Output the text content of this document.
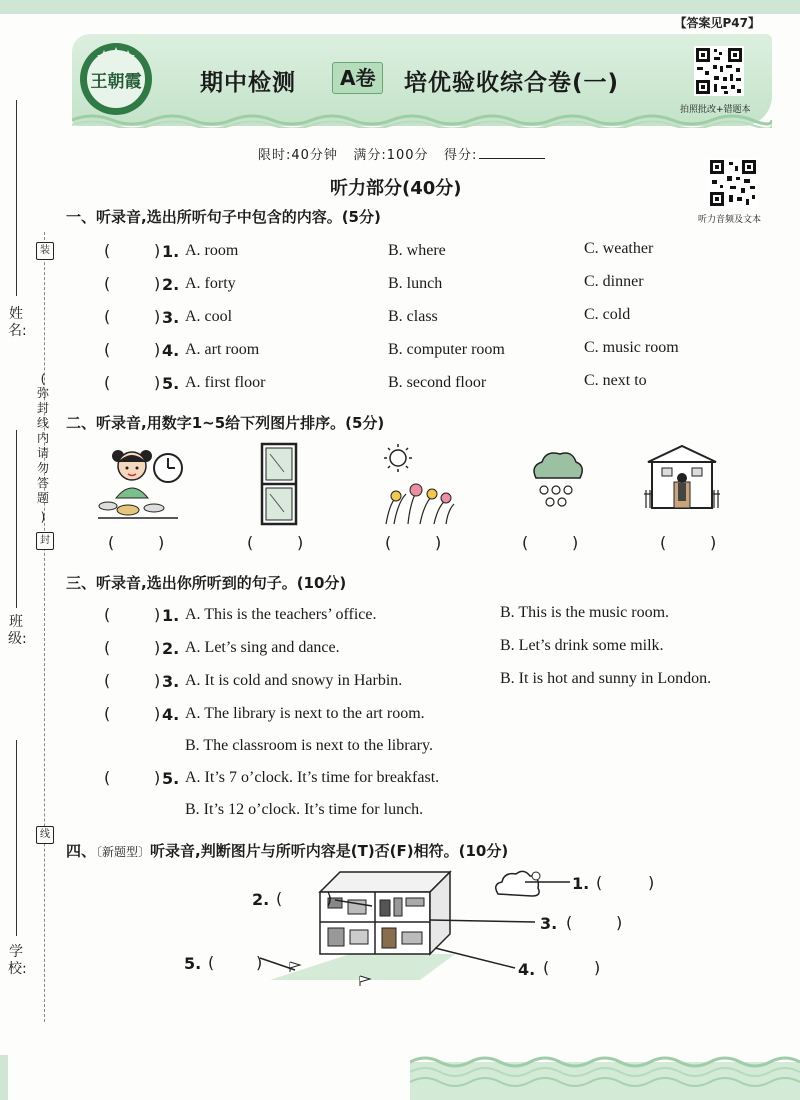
【答案见P47】
王朝霞	期中检测	A卷	培优验收综合卷(一)
拍照批改+错题本
限时:40分钟 满分:100分 得分:
听力部分(40分)
听力音频及文本
装
封
线
(
弥封线内请勿答题
)
姓名:
班级:
学校:
一、听录音,选出所听句子中包含的内容。(5分)
(	) 1. A. room	B. where	C. weather
(	) 2. A. forty	B. lunch	C. dinner
(	) 3. A. cool	B. class	C. cold
(	) 4. A. art room	B. computer room	C. music room
(	) 5. A. first floor	B. second floor	C. next to
二、听录音,用数字1~5给下列图片排序。(5分)
(	)	(	)	(	)	(	)	(	)
三、听录音,选出你所听到的句子。(10分)
(	) 1. A. This is the teachers’ office.	B. This is the music room.
(	) 2. A. Let’s sing and dance.	B. Let’s drink some milk.
(	) 3. A. It is cold and snowy in Harbin.	B. It is hot and sunny in London.
(	) 4. A. The library is next to the art room.
B. The classroom is next to the library.
(	) 5. A. It’s 7 o’clock. It’s time for breakfast.
B. It’s 12 o’clock. It’s time for lunch.
四、〔新题型〕听录音,判断图片与所听内容是(T)否(F)相符。(10分)
1. (	)
2. (	)
3. (	)
4. (	)
5. (	)
